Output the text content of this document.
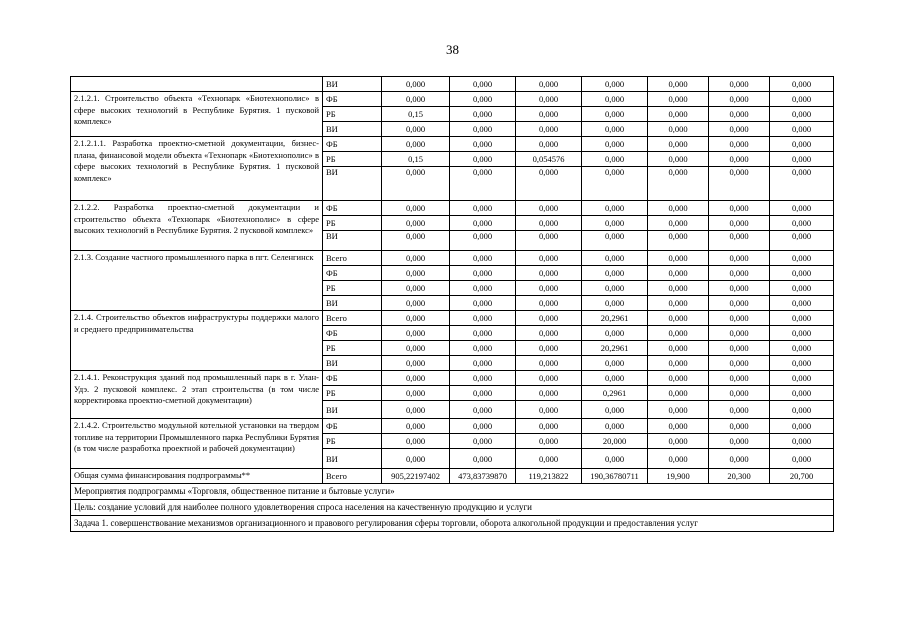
38
	ВИ	0,000	0,000	0,000	0,000	0,000	0,000	0,000
2.1.2.1. Строительство объекта «Технопарк «Биотехнополис» в сфере высоких технологий в Республике Бурятия. 1 пусковой комплекс»	ФБ	0,000	0,000	0,000	0,000	0,000	0,000	0,000
	РБ	0,15	0,000	0,000	0,000	0,000	0,000	0,000
	ВИ	0,000	0,000	0,000	0,000	0,000	0,000	0,000
2.1.2.1.1. Разработка проектно-сметной документации, бизнес-плана, финансовой модели объекта «Технопарк «Биотехнополис» в сфере высоких технологий в Республике Бурятия. 1 пусковой комплекс»	ФБ	0,000	0,000	0,000	0,000	0,000	0,000	0,000
	РБ	0,15	0,000	0,054576	0,000	0,000	0,000	0,000
	ВИ	0,000	0,000	0,000	0,000	0,000	0,000	0,000
2.1.2.2. Разработка проектно-сметной документации и строительство объекта «Технопарк «Биотехнополис» в сфере высоких технологий в Республике Бурятия. 2 пусковой комплекс»	ФБ	0,000	0,000	0,000	0,000	0,000	0,000	0,000
	РБ	0,000	0,000	0,000	0,000	0,000	0,000	0,000
	ВИ	0,000	0,000	0,000	0,000	0,000	0,000	0,000
2.1.3. Создание частного промышленного парка в пгт. Селенгинск	Всего	0,000	0,000	0,000	0,000	0,000	0,000	0,000
	ФБ	0,000	0,000	0,000	0,000	0,000	0,000	0,000
	РБ	0,000	0,000	0,000	0,000	0,000	0,000	0,000
	ВИ	0,000	0,000	0,000	0,000	0,000	0,000	0,000
2.1.4. Строительство объектов инфраструктуры поддержки малого и среднего предпринимательства	Всего	0,000	0,000	0,000	20,2961	0,000	0,000	0,000
	ФБ	0,000	0,000	0,000	0,000	0,000	0,000	0,000
	РБ	0,000	0,000	0,000	20,2961	0,000	0,000	0,000
	ВИ	0,000	0,000	0,000	0,000	0,000	0,000	0,000
2.1.4.1. Реконструкция зданий под промышленный парк в г. Улан-Удэ. 2 пусковой комплекс. 2 этап строительства (в том числе корректировка проектно-сметной документации)	ФБ	0,000	0,000	0,000	0,000	0,000	0,000	0,000
	РБ	0,000	0,000	0,000	0,2961	0,000	0,000	0,000
	ВИ	0,000	0,000	0,000	0,000	0,000	0,000	0,000
2.1.4.2. Строительство модульной котельной установки на твердом топливе на территории Промышленного парка Республики Бурятия (в том числе разработка проектной и рабочей документации)	ФБ	0,000	0,000	0,000	0,000	0,000	0,000	0,000
	РБ	0,000	0,000	0,000	20,000	0,000	0,000	0,000
	ВИ	0,000	0,000	0,000	0,000	0,000	0,000	0,000
Общая сумма финансирования подпрограммы**	Всего	905,22197402	473,83739870	119,213822	190,36780711	19,900	20,300	20,700
Мероприятия подпрограммы «Торговля, общественное питание и бытовые услуги»								
Цель: создание условий для наиболее полного удовлетворения спроса населения на качественную продукцию и услуги								
Задача 1. совершенствование механизмов организационного и правового регулирования сферы торговли, оборота алкогольной продукции и предоставления услуг								
